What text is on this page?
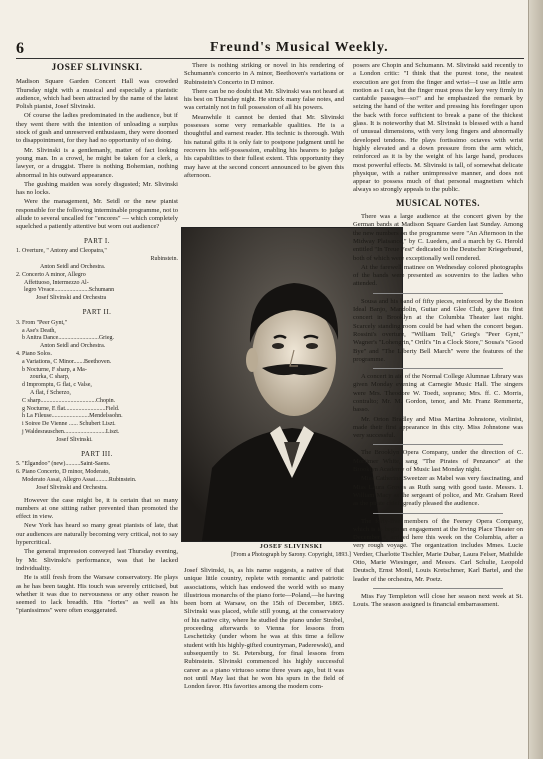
6	Freund's Musical Weekly.
JOSEF SLIVINSKI.

Madison Square Garden Concert Hall was crowded Thursday night with a musical and especially a pianistic audience, which had been attracted by the name of the latest Polish pianist, Josef Slivinski.

Of course the ladies predominated in the audience, but if they went there with the intention of unloading a surplus stock of gush and unreserved enthusiasm, they were doomed to disappointment, for they had no opportunity of so doing.

Mr. Slivinski is a gentlemanly, matter of fact looking young man. In a crowd, he might be taken for a clerk, a lawyer, or a druggist. There is nothing Bohemian, nothing abnormal in his outward appearance.

The gushing maiden was sorely disgusted; Mr. Slivinski has no locks.

Were the management, Mr. Seidl or the new pianist responsible for the following interminable programme, not to allude to several uncalled for "encores" — which completely squelched a patiently attentive but worn out audience?

PART I.
1. Overture, " Antony and Cleopatra,"
Rubinstein.
Anton Seidl and Orchestra.
2. Concerto A minor, Allegro
Affettuoso, Intermezzo Al-
legro Vivace.......................Schumann
Josef Slivinski and Orchestra
PART II.
3. From "Peer Gynt,"
a Ase's Death,
b Anitra Dance...........................Grieg.
Anton Seidl and Orchestra.
4. Piano Solos.
a Variations, C Minor.......Beethoven.
b Nocturne, F sharp, a Ma-
zourka, C sharp,
d Impromptu, G flat, c Valse,
A flat, f Scherzo,
C sharp.....................................Chopin.
g Nocturne, E flat...........................Field.
h La Fileuse.........................Mendelssohn.
i Soiree De Vienne ...... Schubert Liszt.
j Waldesrauschen............................Liszt.
Josef Slivinski.
PART III.
5. "Elgandoo" (new)..........Saint-Saens.
6. Piano Concerto, D minor, Moderato,
Moderato Assai, Allegro Assai.........Rubinstein.
Josef Slivinski and Orchestra.

However the case might be, it is certain that so many numbers at one sitting rather prevented than promoted the effect in view.

New York has heard so many great pianists of late, that our audiences are naturally becoming very critical, not to say hypercritical.

The general impression conveyed last Thursday evening, by Mr. Slivinski's performance, was that he lacked individuality.

He is still fresh from the Warsaw conservatory. He plays as he has been taught. His touch was severely criticised, but whether it was due to nervousness or any other reason he seemed to lack breadth. His "fortes" as well as his "pianissimos" were often exaggerated.

There is nothing striking or novel in his rendering of Schumann's concerto in A minor, Beethoven's variations or Rubinstein's Concerto in D minor.

There can be no doubt that Mr. Slivinski was not heard at his best on Thursday night. He struck many false notes, and was certainly not in full possession of all his powers.

Meanwhile it cannot be denied that Mr. Slivinski possesses some very remarkable qualities. He is a thoughtful and earnest reader. His technic is thorough. With his natural gifts it is only fair to postpone judgment until he recovers his self-possession, enabling his hearers to judge his capabilities to their fullest extent. This opportunity they may have at the second concert announced to be given this afternoon.

JOSEF SLIVINSKI
[From a Photograph by Sarony. Copyright, 1893.]

Josef Slivinski, is, as his name suggests, a native of that unique little country, replete with romantic and patriotic associations, which has endowed the world with so many illustrious monarchs of the piano forte—Poland,—he having been born at Warsaw, on the 15th of December, 1865. Slivinski was placed, while still young, at the conservatory of his native city, where he studied the piano under Strobel, proceeding afterwards to Vienna for lessons from Leschetizky (under whom he was at this time a fellow student with his highly-gifted countryman, Paderewski), and subsequently to St. Petersburg, for final lessons from Rubinstein. Slivinski commenced his highly successful career as a piano virtuoso some three years ago, but it was not until May last that he won his spurs in the field of London favor. His favorites among the modern com-

posers are Chopin and Schumann. M. Slivinski said recently to a London critic: "I think that the purest tone, the neatest execution are got from the finger and wrist—I use as little arm motion as I can, but the finger must press the key very firmly in cantabile passages—so!" and he emphasized the remark by seizing the hand of the writer and pressing his forefinger upon the back with force sufficient to break a pane of the thickest glass. It is noteworthy that M. Slivinski is blessed with a hand of unusual dimensions, with very long fingers and abnormally developed tendons. He plays fortissimo octaves with wrist highly elevated and a down pressure from the arm which, reinforced as it is by the weight of his large hand, produces most powerful effects. M. Slivinski is tall, of somewhat delicate physique, with a rather unimpressive manner, and does not appear to possess much of that personal magnetism which always so strongly appeals to the public.

MUSICAL NOTES.

There was a large audience at the concert given by the German bands at Madison Square Garden last Sunday. Among the new numbers on the programme were "An Afternoon in the Midway Plaisance," by C. Lueders, and a march by G. Herold entitled "In Treue Fest" dedicated to the Deutscher Kriegerbund, both of which were exceptionally well rendered.

At the farewell matinee on Wednesday colored photographs of the bands were presented as souvenirs to the ladies who attended.

Sousa and his band of fifty pieces, reinforced by the Boston Ideal Banjo, Mandolin, Guitar and Glee Club, gave its first concert in Brooklyn at the Columbia Theater last night. Scarcely standing room could be had when the concert began. Rossini's overture, "William Tell," Grieg's "Peer Gynt," Wagner's "Lohengrin," Ortlt's "In a Clock Store," Sousa's "Good Bye" and "The Liberty Bell March" were the features of the programme.

A concert in aid of the Normal College Alumnae Library was given Monday evening at Carnegie Music Hall. The singers were Mrs. Theodore W. Toedt, soprano; Mrs. ff. C. Morris, contralto; Mr. M. Gordon, tenor, and Mr. Franz Remmertz, basso.

Mr. Orton Bradley and Miss Martina Johnstone, violinist, made their first appearance in this city. Miss Johnstone was very successful.

The Brooklyn Opera Company, under the direction of C. Mortimer White, sang "The Pirates of Penzance" at the Brooklyn Academy of Music last Monday night.

Miss Catherine Sweetzer as Mabel was very fascinating, and Miss Laura Groves as Ruth sang with good taste. Messrs. I. William Macy as the sergeant of police, and Mr. Graham Reed as the pirate chief, greatly pleased the audience.

The forty-five members of the Feeney Opera Company, which is to begin an engagement at the Irving Place Theater on December 4, arrived here this week on the Columbia, after a very rough voyage. The organization includes Mmes. Lucie Verdier, Charlotte Tischler, Marie Dubar, Laura Felser, Mathilde Otto, Marie Wiesinger, and Messrs. Carl Schulte, Leopold Deutsch, Ernst Monil, Louis Kretschmer, Karl Bartel, and the leader of the orchestra, Mr. Poetz.

Miss Fay Templeton will close her season next week at St. Louis. The season assigned is financial embarrassment.
